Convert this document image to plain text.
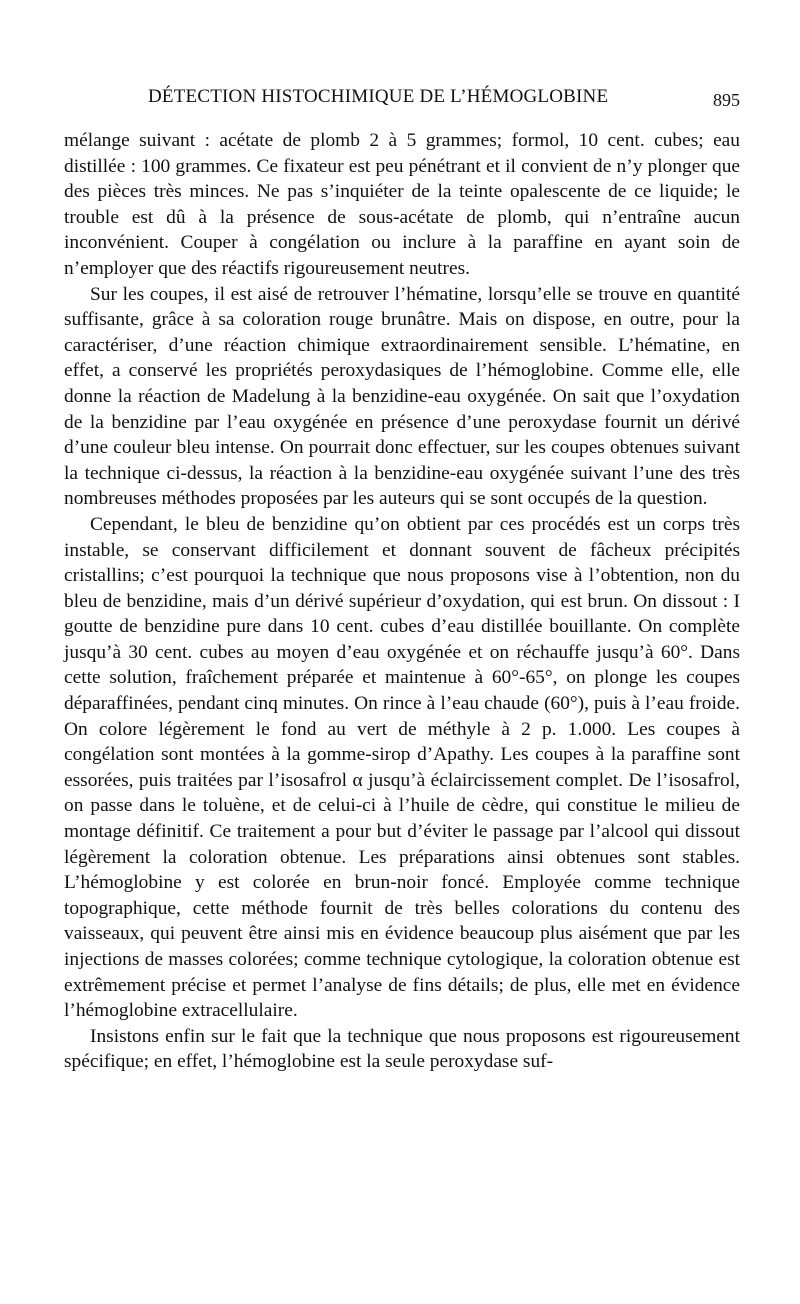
DÉTECTION HISTOCHIMIQUE DE L’HÉMOGLOBINE	895

mélange suivant : acétate de plomb 2 à 5 grammes; formol, 10 cent. cubes; eau distillée : 100 grammes. Ce fixateur est peu pénétrant et il convient de n’y plonger que des pièces très minces. Ne pas s’inquiéter de la teinte opalescente de ce liquide; le trouble est dû à la présence de sous-acétate de plomb, qui n’entraîne aucun inconvénient. Couper à congélation ou inclure à la paraffine en ayant soin de n’employer que des réactifs rigoureusement neutres.

Sur les coupes, il est aisé de retrouver l’hématine, lorsqu’elle se trouve en quantité suffisante, grâce à sa coloration rouge brunâtre. Mais on dispose, en outre, pour la caractériser, d’une réaction chimique extraordinairement sensible. L’hématine, en effet, a conservé les propriétés peroxydasiques de l’hémoglobine. Comme elle, elle donne la réaction de Madelung à la benzidine-eau oxygénée. On sait que l’oxydation de la benzidine par l’eau oxygénée en présence d’une peroxydase fournit un dérivé d’une couleur bleu intense. On pourrait donc effectuer, sur les coupes obtenues suivant la technique ci-dessus, la réaction à la benzidine-eau oxygénée suivant l’une des très nombreuses méthodes proposées par les auteurs qui se sont occupés de la question.

Cependant, le bleu de benzidine qu’on obtient par ces procédés est un corps très instable, se conservant difficilement et donnant souvent de fâcheux précipités cristallins; c’est pourquoi la technique que nous proposons vise à l’obtention, non du bleu de benzidine, mais d’un dérivé supérieur d’oxydation, qui est brun. On dissout : I goutte de benzidine pure dans 10 cent. cubes d’eau distillée bouillante. On complète jusqu’à 30 cent. cubes au moyen d’eau oxygénée et on réchauffe jusqu’à 60°. Dans cette solution, fraîchement préparée et maintenue à 60°-65°, on plonge les coupes déparaffinées, pendant cinq minutes. On rince à l’eau chaude (60°), puis à l’eau froide. On colore légèrement le fond au vert de méthyle à 2 p. 1.000. Les coupes à congélation sont montées à la gomme-sirop d’Apathy. Les coupes à la paraffine sont essorées, puis traitées par l’isosafrol α jusqu’à éclaircissement complet. De l’isosafrol, on passe dans le toluène, et de celui-ci à l’huile de cèdre, qui constitue le milieu de montage définitif. Ce traitement a pour but d’éviter le passage par l’alcool qui dissout légèrement la coloration obtenue. Les préparations ainsi obtenues sont stables. L’hémoglobine y est colorée en brun-noir foncé. Employée comme technique topographique, cette méthode fournit de très belles colorations du contenu des vaisseaux, qui peuvent être ainsi mis en évidence beaucoup plus aisément que par les injections de masses colorées; comme technique cytologique, la coloration obtenue est extrêmement précise et permet l’analyse de fins détails; de plus, elle met en évidence l’hémoglobine extracellulaire.

Insistons enfin sur le fait que la technique que nous proposons est rigoureusement spécifique; en effet, l’hémoglobine est la seule peroxydase suf-
